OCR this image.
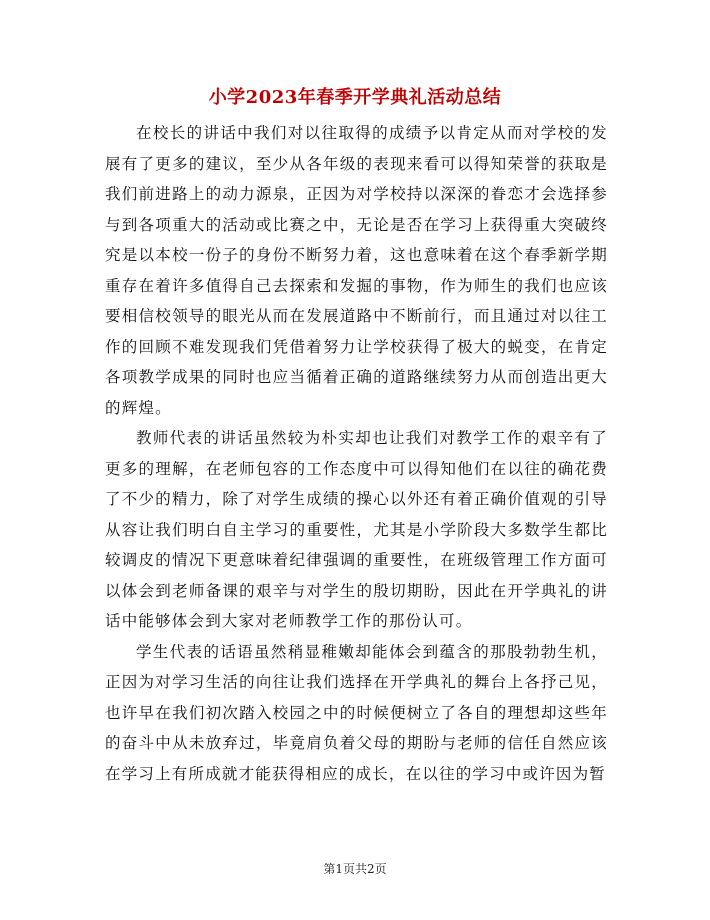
小学2023年春季开学典礼活动总结

在校长的讲话中我们对以往取得的成绩予以肯定从而对学校的发展有了更多的建议，至少从各年级的表现来看可以得知荣誉的获取是我们前进路上的动力源泉，正因为对学校持以深深的眷恋才会选择参与到各项重大的活动或比赛之中，无论是否在学习上获得重大突破终究是以本校一份子的身份不断努力着，这也意味着在这个春季新学期重存在着许多值得自己去探索和发掘的事物，作为师生的我们也应该要相信校领导的眼光从而在发展道路中不断前行，而且通过对以往工作的回顾不难发现我们凭借着努力让学校获得了极大的蜕变，在肯定各项教学成果的同时也应当循着正确的道路继续努力从而创造出更大的辉煌。

教师代表的讲话虽然较为朴实却也让我们对教学工作的艰辛有了更多的理解，在老师包容的工作态度中可以得知他们在以往的确花费了不少的精力，除了对学生成绩的操心以外还有着正确价值观的引导从容让我们明白自主学习的重要性，尤其是小学阶段大多数学生都比较调皮的情况下更意味着纪律强调的重要性，在班级管理工作方面可以体会到老师备课的艰辛与对学生的殷切期盼，因此在开学典礼的讲话中能够体会到大家对老师教学工作的那份认可。

学生代表的话语虽然稍显稚嫩却能体会到蕴含的那股勃勃生机，正因为对学习生活的向往让我们选择在开学典礼的舞台上各抒己见，也许早在我们初次踏入校园之中的时候便树立了各自的理想却这些年的奋斗中从未放弃过，毕竟肩负着父母的期盼与老师的信任自然应该在学习上有所成就才能获得相应的成长，在以往的学习中或许因为暂

第1页共2页
